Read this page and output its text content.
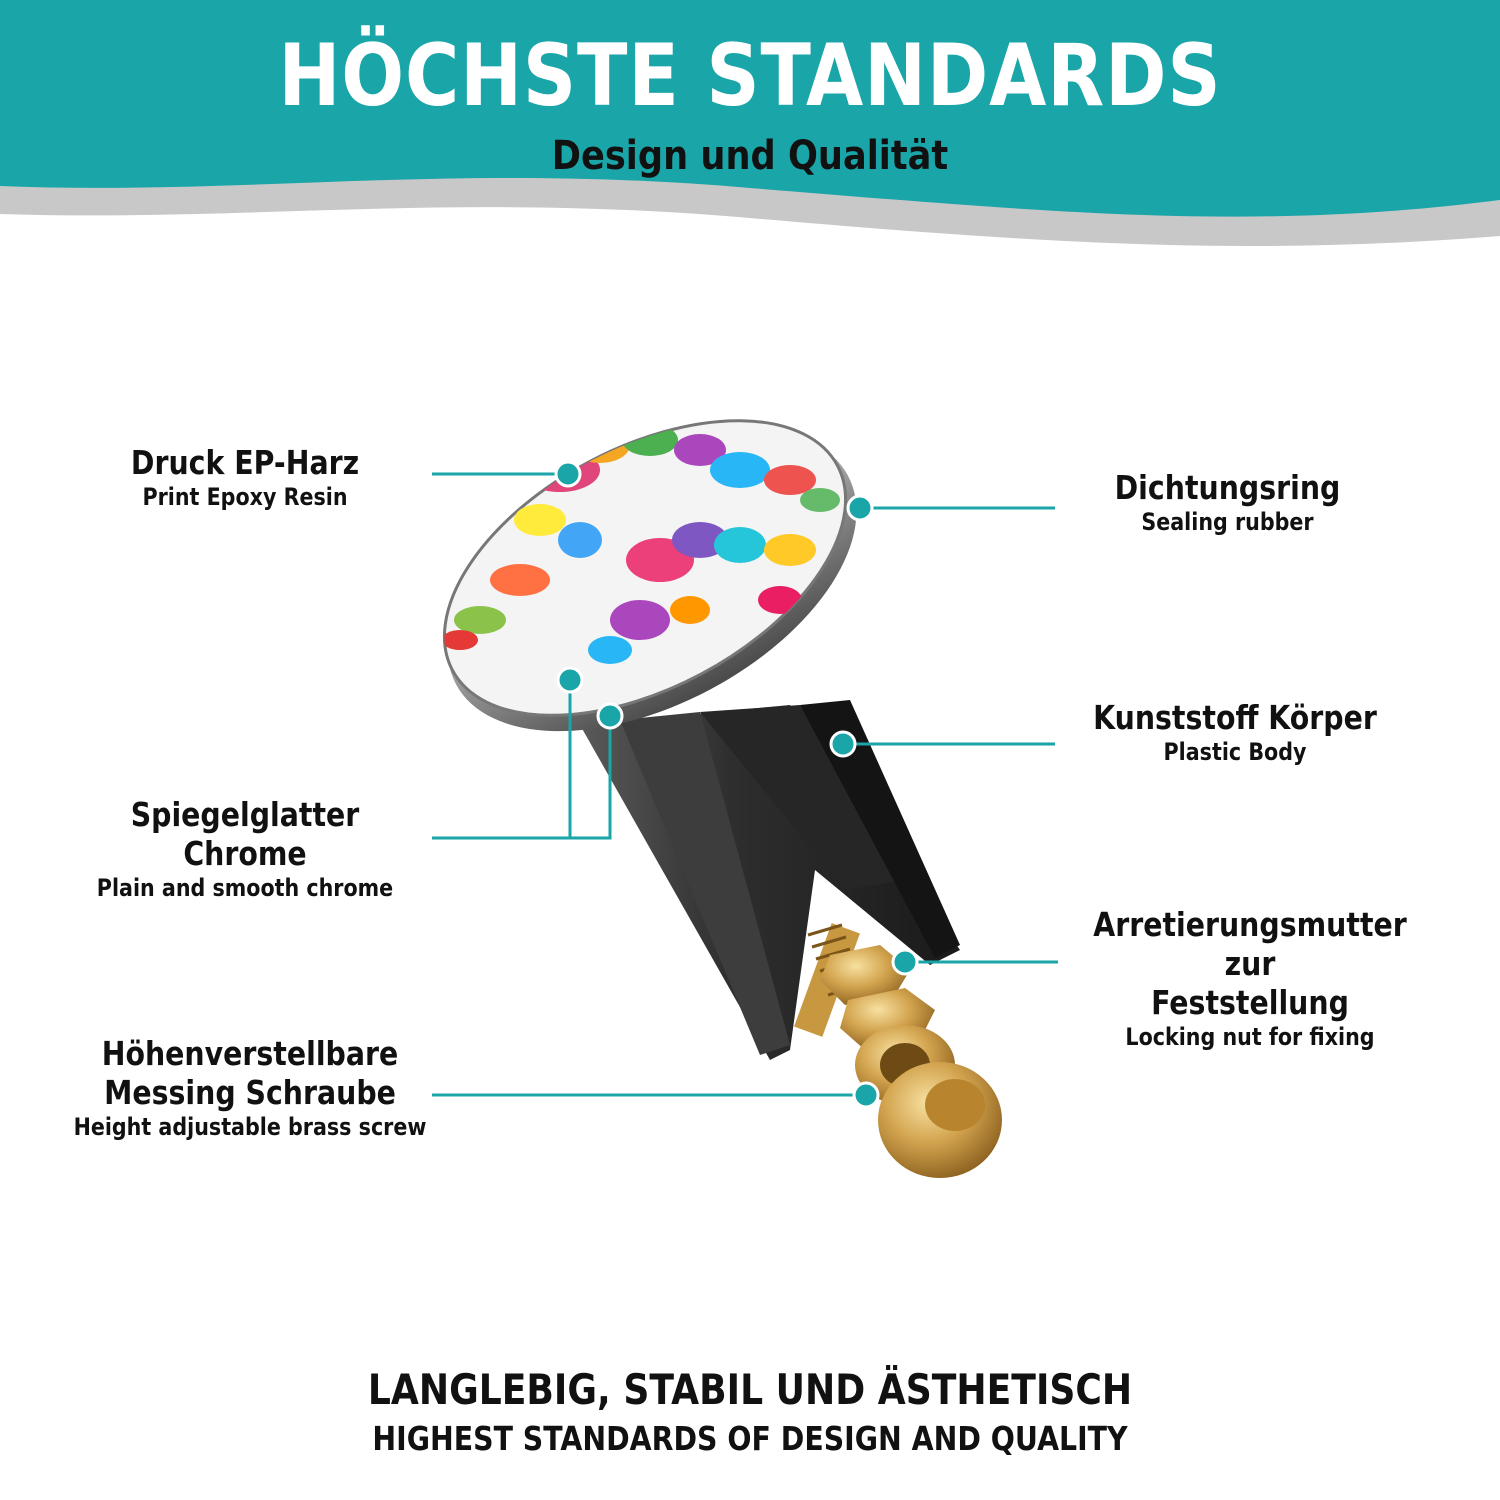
HÖCHSTE STANDARDS
Design und Qualität
Druck EP-Harz
Print Epoxy Resin
Spiegelglatter Chrome
Plain and smooth chrome
Höhenverstellbare
Messing Schraube
Height adjustable brass screw
Dichtungsring
Sealing rubber
Kunststoff Körper
Plastic Body
Arretierungsmutter zur
Feststellung
Locking nut for fixing
LANGLEBIG, STABIL UND ÄSTHETISCH
HIGHEST STANDARDS OF DESIGN AND QUALITY
